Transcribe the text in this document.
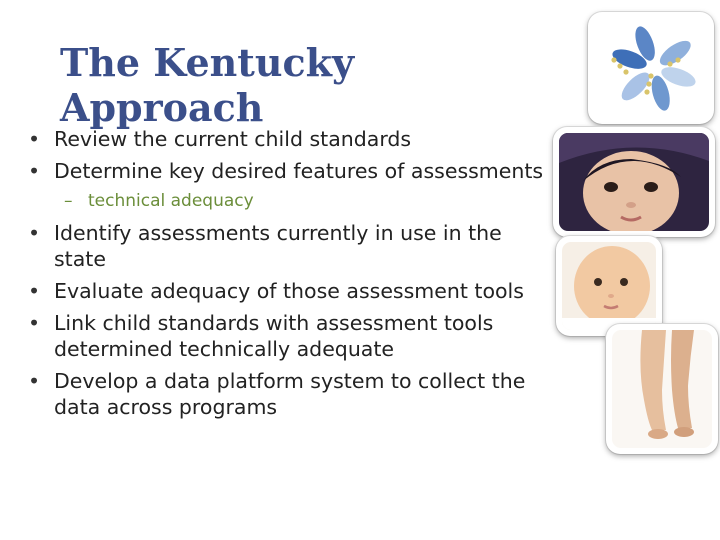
The Kentucky Approach
• Review the current child standards
• Determine key desired features of assessments
– technical adequacy
• Identify assessments currently in use in the state
• Evaluate adequacy of those assessment tools
• Link child standards with assessment tools determined technically adequate
• Develop a data platform system to collect the data across programs
